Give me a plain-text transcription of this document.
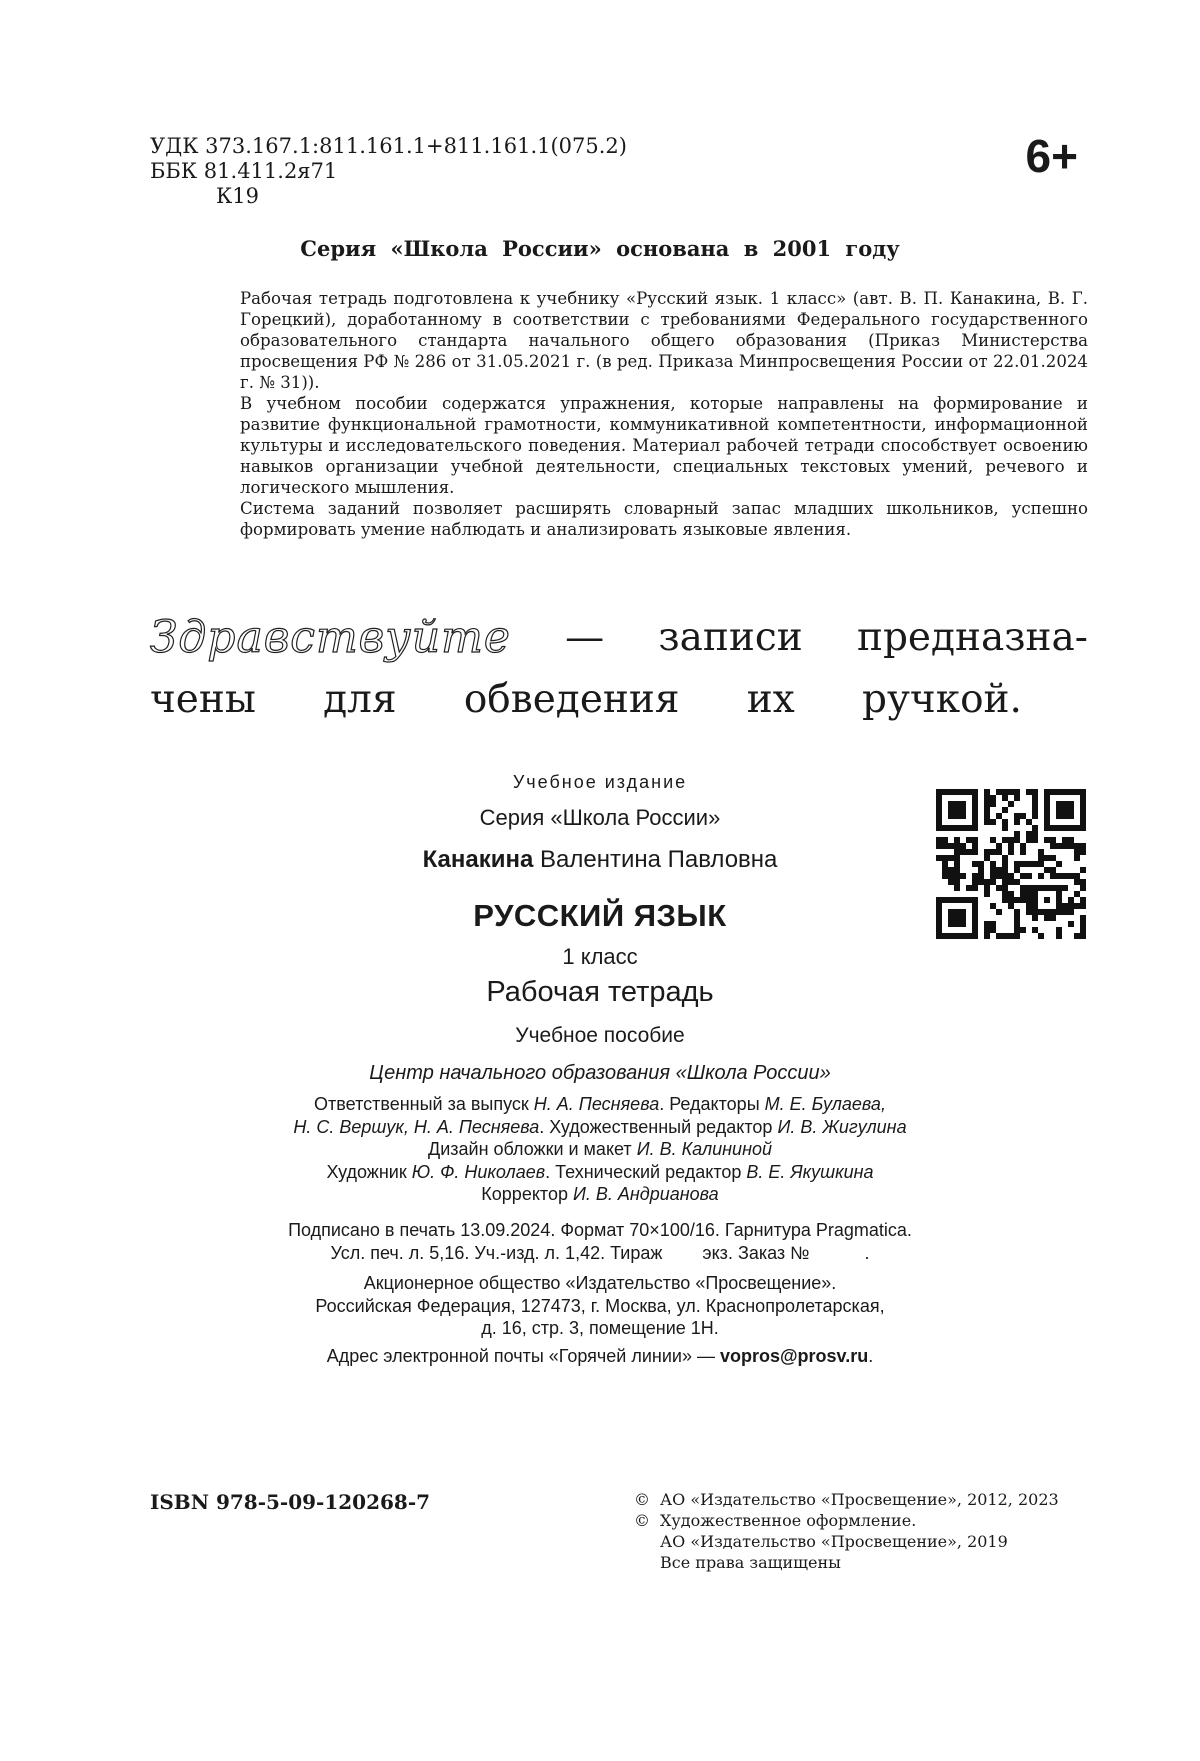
УДК 373.167.1:811.161.1+811.161.1(075.2)
ББК 81.411.2я71
К19
6+
Серия «Школа России» основана в 2001 году

Рабочая тетрадь подготовлена к учебнику «Русский язык. 1 класс» (авт. В. П. Канакина, В. Г. Горецкий), доработанному в соответствии с требованиями Федерального государственного образовательного стандарта начального общего образования (Приказ Министерства просвещения РФ № 286 от 31.05.2021 г. (в ред. Приказа Минпросвещения России от 22.01.2024 г. № 31)).

В учебном пособии содержатся упражнения, которые направлены на формирование и развитие функциональной грамотности, коммуникативной компетентности, информационной культуры и исследовательского поведения. Материал рабочей тетради способствует освоению навыков организации учебной деятельности, специальных текстовых умений, речевого и логического мышления.

Система заданий позволяет расширять словарный запас младших школьников, успешно формировать умение наблюдать и анализировать языковые явления.

Здравствуйте — записи предназна-
чены для обведения их ручкой.
Учебное издание
Серия «Школа России»
Канакина Валентина Павловна
РУССКИЙ ЯЗЫК
1 класс
Рабочая тетрадь
Учебное пособие
Центр начального образования «Школа России»
Ответственный за выпуск Н. А. Песняева. Редакторы М. Е. Булаева,
Н. С. Вершук, Н. А. Песняева. Художественный редактор И. В. Жигулина
Дизайн обложки и макет И. В. Калининой
Художник Ю. Ф. Николаев. Технический редактор В. Е. Якушкина
Корректор И. В. Андрианова
Подписано в печать 13.09.2024. Формат 70×100/16. Гарнитура Pragmatica.
Усл. печ. л. 5,16. Уч.-изд. л. 1,42. Тираж        экз. Заказ №           .
Акционерное общество «Издательство «Просвещение».
Российская Федерация, 127473, г. Москва, ул. Краснопролетарская,
д. 16, стр. 3, помещение 1Н.
Адрес электронной почты «Горячей линии» — vopros@prosv.ru.
ISBN 978-5-09-120268-7	© АО «Издательство «Просвещение», 2012, 2023
© Художественное оформление.
АО «Издательство «Просвещение», 2019
Все права защищены
